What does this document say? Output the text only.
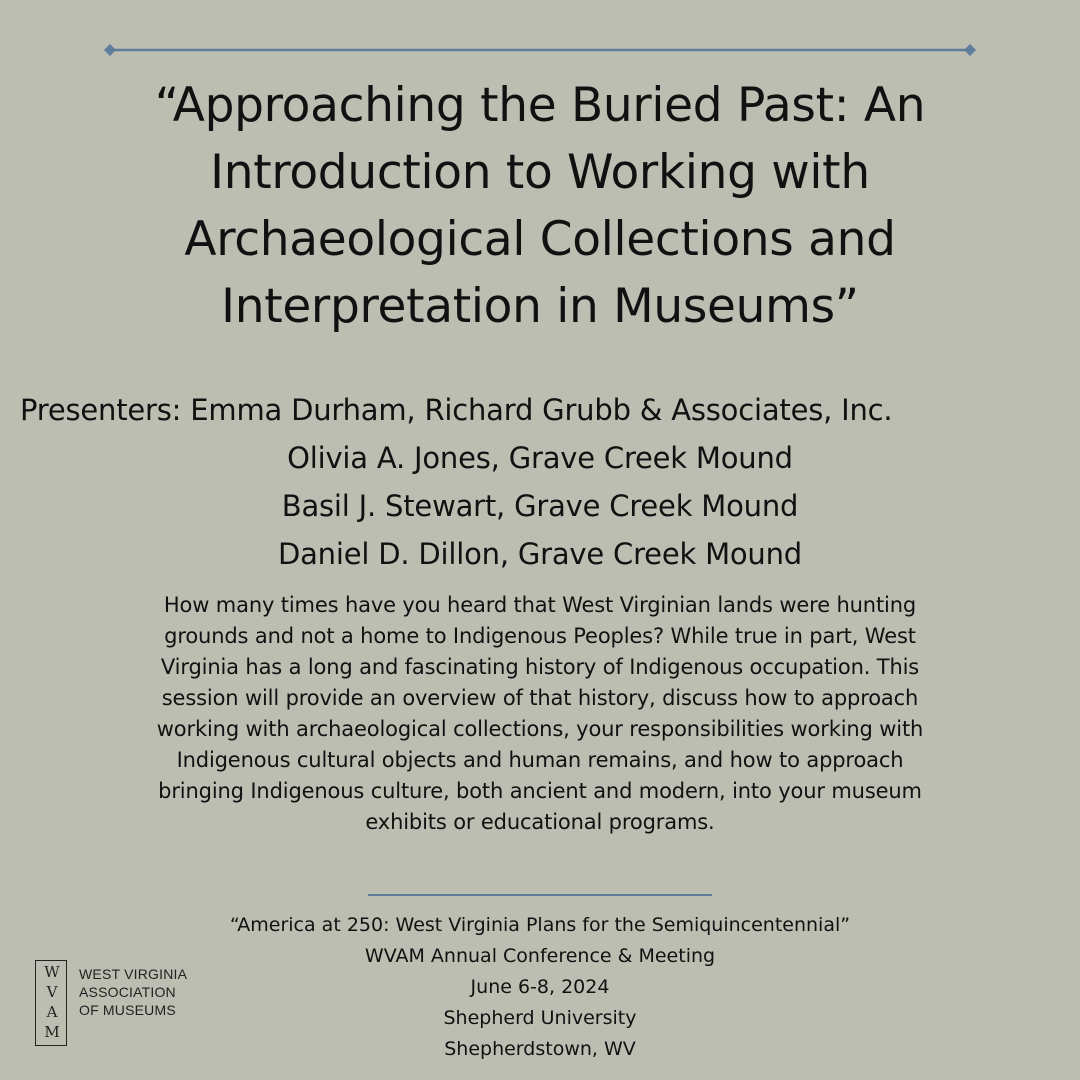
“Approaching the Buried Past: An
Introduction to Working with
Archaeological Collections and
Interpretation in Museums”
Presenters: Emma Durham, Richard Grubb & Associates, Inc.
Olivia A. Jones, Grave Creek Mound
Basil J. Stewart, Grave Creek Mound
Daniel D. Dillon, Grave Creek Mound
How many times have you heard that West Virginian lands were hunting
grounds and not a home to Indigenous Peoples? While true in part, West
Virginia has a long and fascinating history of Indigenous occupation. This
session will provide an overview of that history, discuss how to approach
working with archaeological collections, your responsibilities working with
Indigenous cultural objects and human remains, and how to approach
bringing Indigenous culture, both ancient and modern, into your museum
exhibits or educational programs.
“America at 250: West Virginia Plans for the Semiquincentennial”
WVAM Annual Conference & Meeting
June 6-8, 2024
Shepherd University
Shepherdstown, WV
W
V
A
M
WEST VIRGINIA
ASSOCIATION
OF MUSEUMS
